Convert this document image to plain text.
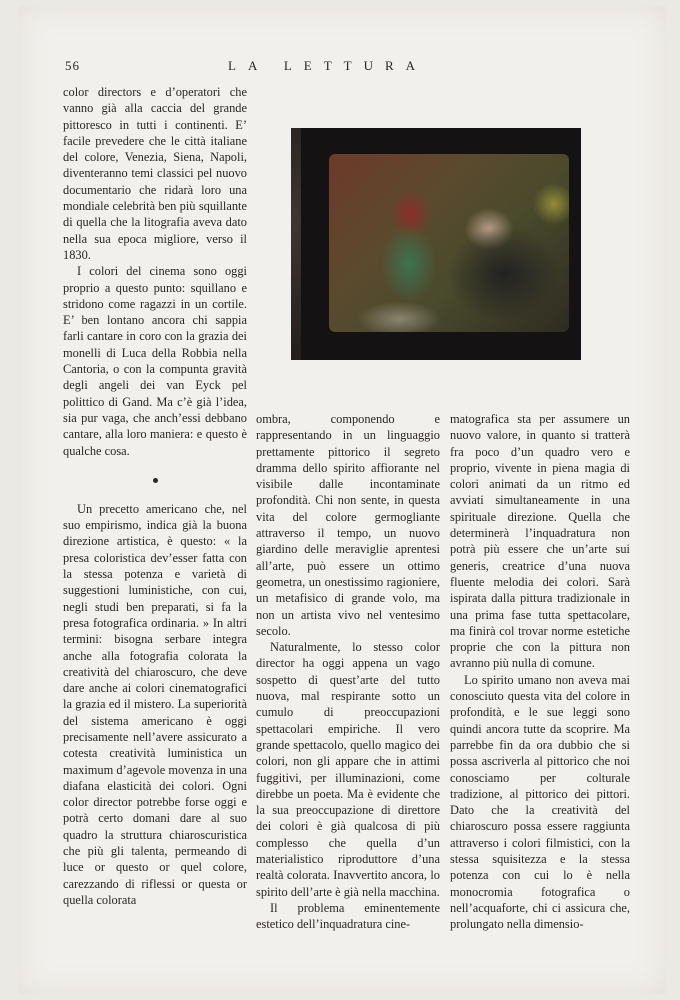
56	LA LETTURA

color directors e d’operatori che vanno già alla caccia del grande pittoresco in tutti i continenti. E’ facile prevedere che le città italiane del colore, Venezia, Siena, Napoli, diventeranno temi classici pel nuovo documentario che ridarà loro una mondiale celebrità ben più squillante di quella che la litografia aveva dato nella sua epoca migliore, verso il 1830.

I colori del cinema sono oggi proprio a questo punto: squillano e stridono come ragazzi in un cortile. E’ ben lontano ancora chi sappia farli cantare in coro con la grazia dei monelli di Luca della Robbia nella Cantoria, o con la compunta gravità degli angeli dei van Eyck pel polittico di Gand. Ma c’è già l’idea, sia pur vaga, che anch’essi debbano cantare, alla loro maniera: e questo è qualche cosa.

Un precetto americano che, nel suo empirismo, indica già la buona direzione artistica, è questo: « la presa coloristica dev’esser fatta con la stessa potenza e varietà di suggestioni luministiche, con cui, negli studi ben preparati, si fa la presa fotografica ordinaria. » In altri termini: bisogna serbare integra anche alla fotografia colorata la creatività del chiaroscuro, che deve dare anche ai colori cinematografici la grazia ed il mistero. La superiorità del sistema americano è oggi precisamente nell’avere assicurato a cotesta creatività luministica un maximum d’agevole movenza in una diafana elasticità dei colori. Ogni color director potrebbe forse oggi e potrà certo domani dare al suo quadro la struttura chiaroscuristica che più gli talenta, permeando di luce or questo or quel colore, carezzando di riflessi or questa or quella colorata

ombra, componendo e rappresentando in un linguaggio prettamente pittorico il segreto dramma dello spirito affiorante nel visibile dalle incontaminate profondità. Chi non sente, in questa vita del colore germogliante attraverso il tempo, un nuovo giardino delle meraviglie aprentesi all’arte, può essere un ottimo geometra, un onestissimo ragioniere, un metafisico di grande volo, ma non un artista vivo nel ventesimo secolo.

Naturalmente, lo stesso color director ha oggi appena un vago sospetto di quest’arte del tutto nuova, mal respirante sotto un cumulo di preoccupazioni spettacolari empiriche. Il vero grande spettacolo, quello magico dei colori, non gli appare che in attimi fuggitivi, per illuminazioni, come direbbe un poeta. Ma è evidente che la sua preoccupazione di direttore dei colori è già qualcosa di più complesso che quella d’un materialistico riproduttore d’una realtà colorata. Inavvertito ancora, lo spirito dell’arte è già nella macchina.

Il problema eminentemente estetico dell’inquadratura cine-

matografica sta per assumere un nuovo valore, in quanto si tratterà fra poco d’un quadro vero e proprio, vivente in piena magia di colori animati da un ritmo ed avviati simultaneamente in una spirituale direzione. Quella che determinerà l’inquadratura non potrà più essere che un’arte sui generis, creatrice d’una nuova fluente melodia dei colori. Sarà ispirata dalla pittura tradizionale in una prima fase tutta spettacolare, ma finirà col trovar norme estetiche proprie che con la pittura non avranno più nulla di comune.

Lo spirito umano non aveva mai conosciuto questa vita del colore in profondità, e le sue leggi sono quindi ancora tutte da scoprire. Ma parrebbe fin da ora dubbio che si possa ascriverla al pittorico che noi conosciamo per colturale tradizione, al pittorico dei pittori. Dato che la creatività del chiaroscuro possa essere raggiunta attraverso i colori filmistici, con la stessa squisitezza e la stessa potenza con cui lo è nella monocromia fotografica o nell’acquaforte, chi ci assicura che, prolungato nella dimensio-
